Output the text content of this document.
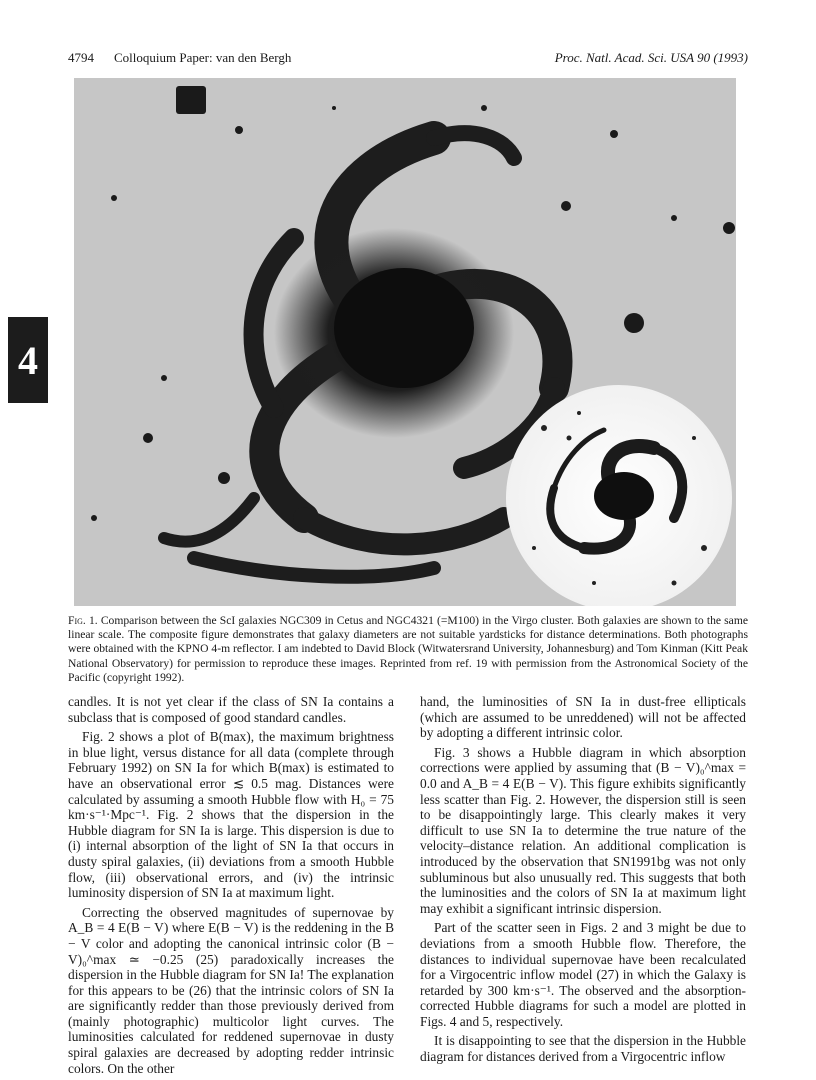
4794 Colloquium Paper: van den Bergh	Proc. Natl. Acad. Sci. USA 90 (1993)
4
Fig. 1. Comparison between the ScI galaxies NGC309 in Cetus and NGC4321 (=M100) in the Virgo cluster. Both galaxies are shown to the same linear scale. The composite figure demonstrates that galaxy diameters are not suitable yardsticks for distance determinations. Both photographs were obtained with the KPNO 4-m reflector. I am indebted to David Block (Witwatersrand University, Johannesburg) and Tom Kinman (Kitt Peak National Observatory) for permission to reproduce these images. Reprinted from ref. 19 with permission from the Astronomical Society of the Pacific (copyright 1992).

candles. It is not yet clear if the class of SN Ia contains a subclass that is composed of good standard candles.

Fig. 2 shows a plot of B(max), the maximum brightness in blue light, versus distance for all data (complete through February 1992) on SN Ia for which B(max) is estimated to have an observational error ≲ 0.5 mag. Distances were calculated by assuming a smooth Hubble flow with H₀ = 75 km·s⁻¹·Mpc⁻¹. Fig. 2 shows that the dispersion in the Hubble diagram for SN Ia is large. This dispersion is due to (i) internal absorption of the light of SN Ia that occurs in dusty spiral galaxies, (ii) deviations from a smooth Hubble flow, (iii) observational errors, and (iv) the intrinsic luminosity dispersion of SN Ia at maximum light.

Correcting the observed magnitudes of supernovae by A_B = 4 E(B − V) where E(B − V) is the reddening in the B − V color and adopting the canonical intrinsic color (B − V)₀^max ≃ −0.25 (25) paradoxically increases the dispersion in the Hubble diagram for SN Ia! The explanation for this appears to be (26) that the intrinsic colors of SN Ia are significantly redder than those previously derived from (mainly photographic) multicolor light curves. The luminosities calculated for reddened supernovae in dusty spiral galaxies are decreased by adopting redder intrinsic colors. On the other

hand, the luminosities of SN Ia in dust-free ellipticals (which are assumed to be unreddened) will not be affected by adopting a different intrinsic color.

Fig. 3 shows a Hubble diagram in which absorption corrections were applied by assuming that (B − V)₀^max = 0.0 and A_B = 4 E(B − V). This figure exhibits significantly less scatter than Fig. 2. However, the dispersion still is seen to be disappointingly large. This clearly makes it very difficult to use SN Ia to determine the true nature of the velocity–distance relation. An additional complication is introduced by the observation that SN1991bg was not only subluminous but also unusually red. This suggests that both the luminosities and the colors of SN Ia at maximum light may exhibit a significant intrinsic dispersion.

Part of the scatter seen in Figs. 2 and 3 might be due to deviations from a smooth Hubble flow. Therefore, the distances to individual supernovae have been recalculated for a Virgocentric inflow model (27) in which the Galaxy is retarded by 300 km·s⁻¹. The observed and the absorption-corrected Hubble diagrams for such a model are plotted in Figs. 4 and 5, respectively.

It is disappointing to see that the dispersion in the Hubble diagram for distances derived from a Virgocentric inflow
